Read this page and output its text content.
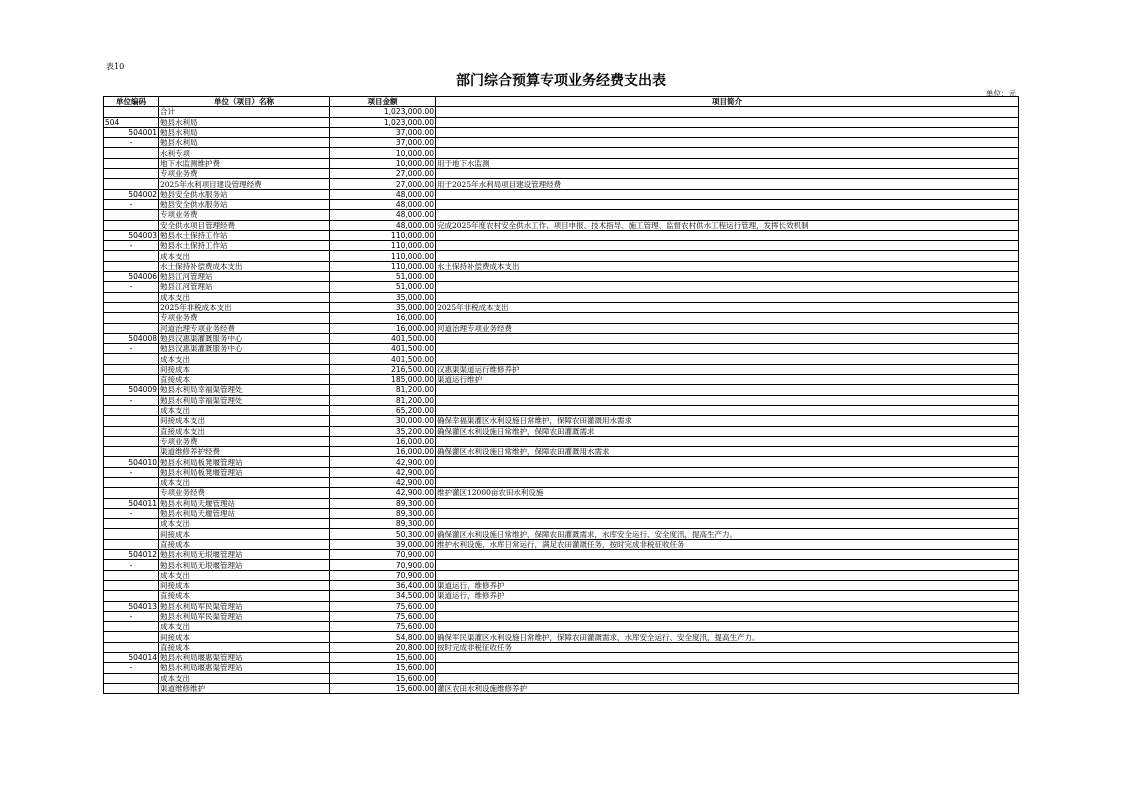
表10
部门综合预算专项业务经费支出表
单位：元
单位编码	单位（项目）名称	项目金额	项目简介
	合计	1,023,000.00	
504	勉县水利局	1,023,000.00	
504001	勉县水利局	37,000.00	
-	勉县水利局	37,000.00	
	水利专项	10,000.00	
	地下水监测维护费	10,000.00	用于地下水监测
	专项业务费	27,000.00	
	2025年水利项目建设管理经费	27,000.00	用于2025年水利局项目建设管理经费
504002	勉县安全供水服务站	48,000.00	
-	勉县安全供水服务站	48,000.00	
	专项业务费	48,000.00	
	安全供水项目管理经费	48,000.00	完成2025年度农村安全供水工作、项目申报、技术指导、施工管理、监督农村供水工程运行管理，发挥长效机制
504003	勉县水土保持工作站	110,000.00	
-	勉县水土保持工作站	110,000.00	
	成本支出	110,000.00	
	水土保持补偿费成本支出	110,000.00	水土保持补偿费成本支出
504006	勉县江河管理站	51,000.00	
-	勉县江河管理站	51,000.00	
	成本支出	35,000.00	
	2025年非税成本支出	35,000.00	2025年非税成本支出
	专项业务费	16,000.00	
	河道治理专项业务经费	16,000.00	河道治理专项业务经费
504008	勉县汉惠渠灌溉服务中心	401,500.00	
-	勉县汉惠渠灌溉服务中心	401,500.00	
	成本支出	401,500.00	
	间接成本	216,500.00	汉惠渠渠道运行维修养护
	直接成本	185,000.00	渠道运行维护
504009	勉县水利局幸福渠管理处	81,200.00	
-	勉县水利局幸福渠管理处	81,200.00	
	成本支出	65,200.00	
	间接成本支出	30,000.00	确保幸福渠灌区水利设施日常维护，保障农田灌溉用水需求
	直接成本支出	35,200.00	确保灌区水利设施日常维护，保障农田灌溉需求
	专项业务费	16,000.00	
	渠道维修养护经费	16,000.00	确保灌区水利设施日常维护，保障农田灌溉用水需求
504010	勉县水利局板凳堰管理站	42,900.00	
-	勉县水利局板凳堰管理站	42,900.00	
	成本支出	42,900.00	
	专项业务经费	42,900.00	维护灌区12000亩农田水利设施
504011	勉县水利局天堰管理站	89,300.00	
-	勉县水利局天堰管理站	89,300.00	
	成本支出	89,300.00	
	间接成本	50,300.00	确保灌区水利设施日常维护，保障农田灌溉需求，水库安全运行、安全度汛，提高生产力。
	直接成本	39,000.00	维护水利设施、水库日常运行，满足农田灌溉任务，按时完成非税征收任务
504012	勉县水利局无垠堰管理站	70,900.00	
-	勉县水利局无垠堰管理站	70,900.00	
	成本支出	70,900.00	
	间接成本	36,400.00	渠道运行，维修养护
	直接成本	34,500.00	渠道运行，维修养护
504013	勉县水利局军民渠管理站	75,600.00	
-	勉县水利局军民渠管理站	75,600.00	
	成本支出	75,600.00	
	间接成本	54,800.00	确保军民渠灌区水利设施日常维护，保障农田灌溉需求，水库安全运行、安全度汛，提高生产力。
	直接成本	20,800.00	按时完成非税征收任务
504014	勉县水利局堰惠渠管理站	15,600.00	
-	勉县水利局堰惠渠管理站	15,600.00	
	成本支出	15,600.00	
	渠道维修维护	15,600.00	灌区农田水利设施维修养护
